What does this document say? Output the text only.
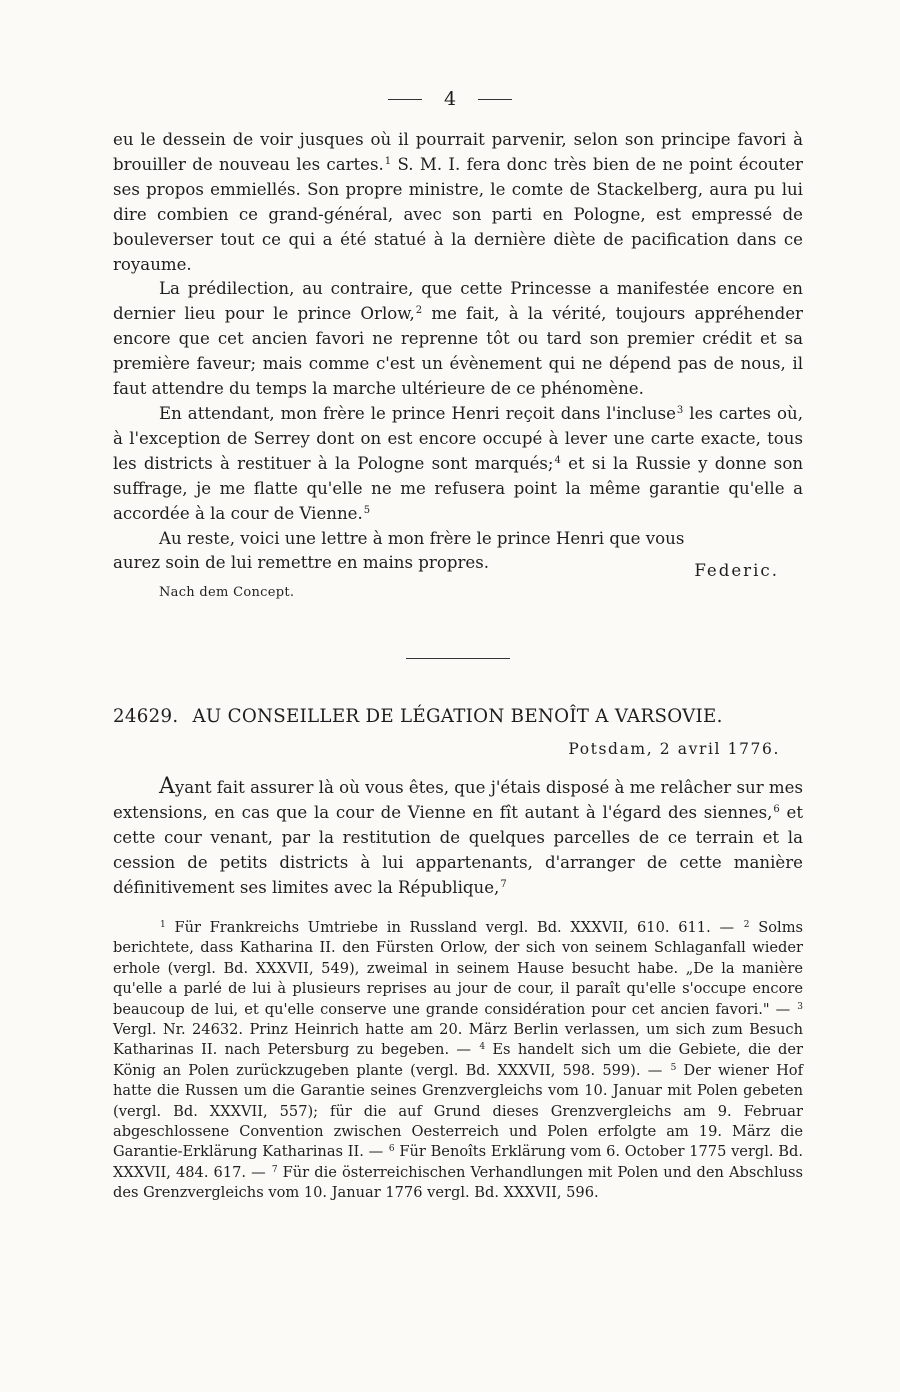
4

eu le dessein de voir jusques où il pourrait parvenir, selon son principe favori à brouiller de nouveau les cartes.$^1$ S. M. I. fera donc très bien de ne point écouter ses propos emmiellés. Son propre ministre, le comte de Stackelberg, aura pu lui dire combien ce grand-général, avec son parti en Pologne, est empressé de bouleverser tout ce qui a été statué à la dernière diète de pacification dans ce royaume.

La prédilection, au contraire, que cette Princesse a manifestée encore en dernier lieu pour le prince Orlow,$^2$ me fait, à la vérité, toujours appréhender encore que cet ancien favori ne reprenne tôt ou tard son premier crédit et sa première faveur; mais comme c'est un évènement qui ne dépend pas de nous, il faut attendre du temps la marche ultérieure de ce phénomène.

En attendant, mon frère le prince Henri reçoit dans l'incluse$^3$ les cartes où, à l'exception de Serrey dont on est encore occupé à lever une carte exacte, tous les districts à restituer à la Pologne sont marqués;$^4$ et si la Russie y donne son suffrage, je me flatte qu'elle ne me refusera point la même garantie qu'elle a accordée à la cour de Vienne.$^5$

Au reste, voici une lettre à mon frère le prince Henri que vous

aurez soin de lui remettre en mains propres.	Federic.
Nach dem Concept.
24629. AU CONSEILLER DE LÉGATION BENOÎT A VARSOVIE.
Potsdam, 2 avril 1776.

Ayant fait assurer là où vous êtes, que j'étais disposé à me relâcher sur mes extensions, en cas que la cour de Vienne en fît autant à l'égard des siennes,$^6$ et cette cour venant, par la restitution de quelques parcelles de ce terrain et la cession de petits districts à lui appartenants, d'arranger de cette manière définitivement ses limites avec la République,$^7$

$^1$ Für Frankreichs Umtriebe in Russland vergl. Bd. XXXVII, 610. 611. — $^2$ Solms berichtete, dass Katharina II. den Fürsten Orlow, der sich von seinem Schlaganfall wieder erhole (vergl. Bd. XXXVII, 549), zweimal in seinem Hause besucht habe. „De la manière qu'elle a parlé de lui à plusieurs reprises au jour de cour, il paraît qu'elle s'occupe encore beaucoup de lui, et qu'elle conserve une grande considération pour cet ancien favori." — $^3$ Vergl. Nr. 24632. Prinz Heinrich hatte am 20. März Berlin verlassen, um sich zum Besuch Katharinas II. nach Petersburg zu begeben. — $^4$ Es handelt sich um die Gebiete, die der König an Polen zurückzugeben plante (vergl. Bd. XXXVII, 598. 599). — $^5$ Der wiener Hof hatte die Russen um die Garantie seines Grenzvergleichs vom 10. Januar mit Polen gebeten (vergl. Bd. XXXVII, 557); für die auf Grund dieses Grenzvergleichs am 9. Februar abgeschlossene Convention zwischen Oesterreich und Polen erfolgte am 19. März die Garantie-Erklärung Katharinas II. — $^6$ Für Benoîts Erklärung vom 6. October 1775 vergl. Bd. XXXVII, 484. 617. — $^7$ Für die österreichischen Verhandlungen mit Polen und den Abschluss des Grenzvergleichs vom 10. Januar 1776 vergl. Bd. XXXVII, 596.
